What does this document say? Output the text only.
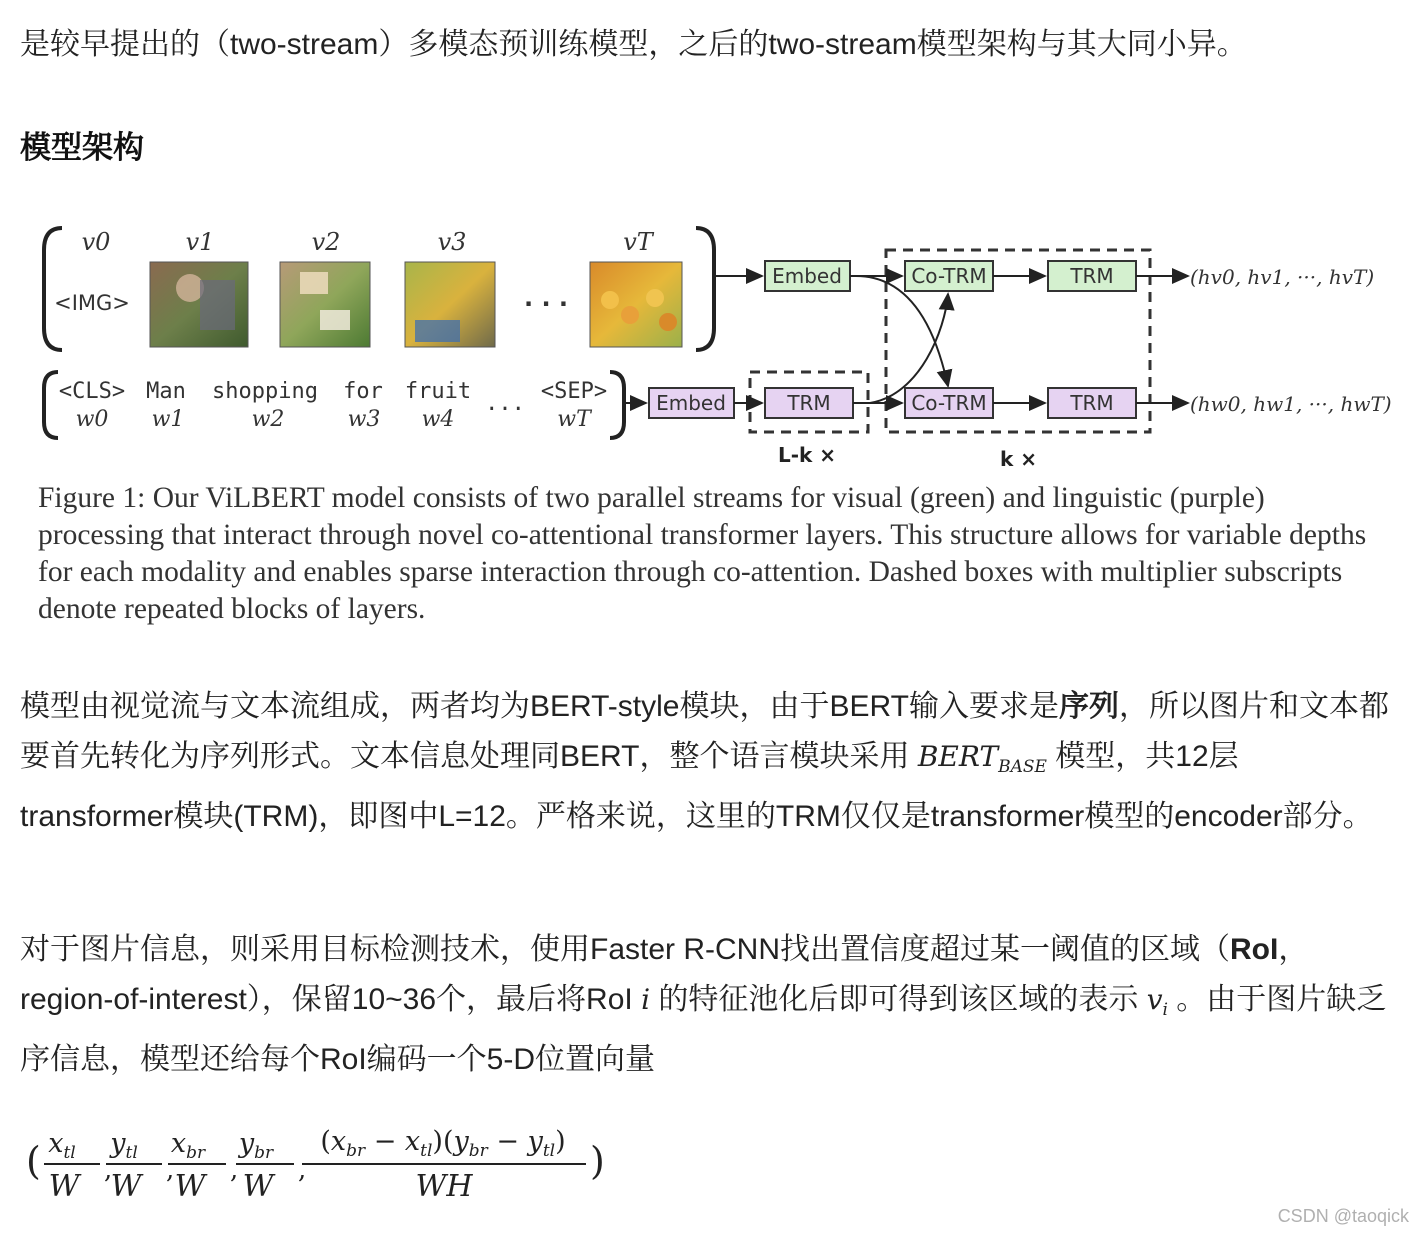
是较早提出的（two-stream）多模态预训练模型，之后的two-stream模型架构与其大同小异。

模型架构
v0
<IMG>
v1	v2	v3
· · ·
vT
<CLS> Man shopping for fruit ... <SEP>
w0 w1	w2	w3 w4	wT
L-k ×	k ×
Embed	Co-TRM	TRM
Embed	TRM	Co-TRM	TRM
(hv0, hv1, ···, hvT)
(hw0, hw1, ···, hwT)

Figure 1: Our ViLBERT model consists of two parallel streams for visual (green) and linguistic (purple) processing that interact through novel co-attentional transformer layers. This structure allows for variable depths for each modality and enables sparse interaction through co-attention. Dashed boxes with multiplier subscripts denote repeated blocks of layers.

模型由视觉流与文本流组成，两者均为BERT-style模块，由于BERT输入要求是序列，所以图片和文本都要首先转化为序列形式。文本信息处理同BERT，整个语言模块采用 $BERT_{BASE}$ 模型，共12层 transformer模块(TRM)，即图中L=12。严格来说，这里的TRM仅仅是transformer模型的encoder部分。

对于图片信息，则采用目标检测技术，使用Faster R-CNN找出置信度超过某一阈值的区域（RoI，region-of-interest），保留10~36个，最后将RoI i 的特征池化后即可得到该区域的表示 $v_i$ 。由于图片缺乏序信息，模型还给每个RoI编码一个5-D位置向量

( $x_{tl}$
W ,
$y_{tl}$
W ,
$x_{br}$
W ,
$y_{br}$
W ,
$(x_{br} - x_{tl})(y_{br} - y_{tl})$
WH
)
CSDN @taoqick
